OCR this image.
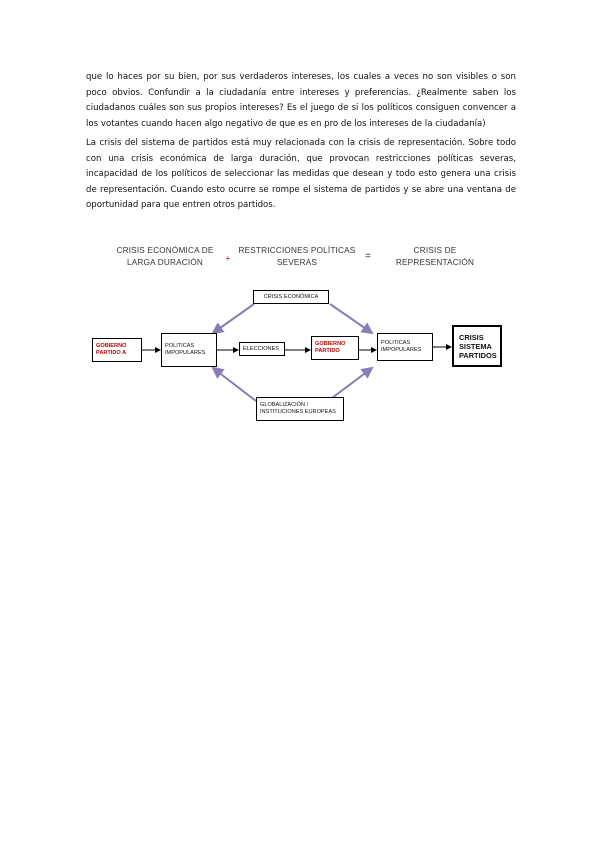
que lo haces por su bien, por sus verdaderos intereses, los cuales a veces no son visibles o son poco obvios. Confundir a la ciudadanía entre intereses y preferencias. ¿Realmente saben los ciudadanos cuáles son sus propios intereses? Es el juego de si los políticos consiguen convencer a los votantes cuando hacen algo negativo de que es en pro de los intereses de la ciudadanía)

La crisis del sistema de partidos está muy relacionada con la crisis de representación. Sobre todo con una crisis económica de larga duración, que provocan restricciones políticas severas, incapacidad de los políticos de seleccionar las medidas que desean y todo esto genera una crisis de representación. Cuando esto ocurre se rompe el sistema de partidos y se abre una ventana de oportunidad para que entren otros partidos.

CRISIS ECONÓMICA DE
LARGA DURACIÓN	+
RESTRICCIONES POLÍTICAS
SEVERAS
=
CRISIS DE
REPRESENTACIÓN
CRISIS ECONÓMICA
GOBIERNO
PARTIDO A
POLITICAS
IMPOPULARES
ELECCIONES
GOBIERNO
PARTIDO
POLITICAS
IMPOPULARES
CRISIS
SISTEMA
PARTIDOS
GLOBALIZACIÓN /
INSTITUCIONES EUROPEAS
